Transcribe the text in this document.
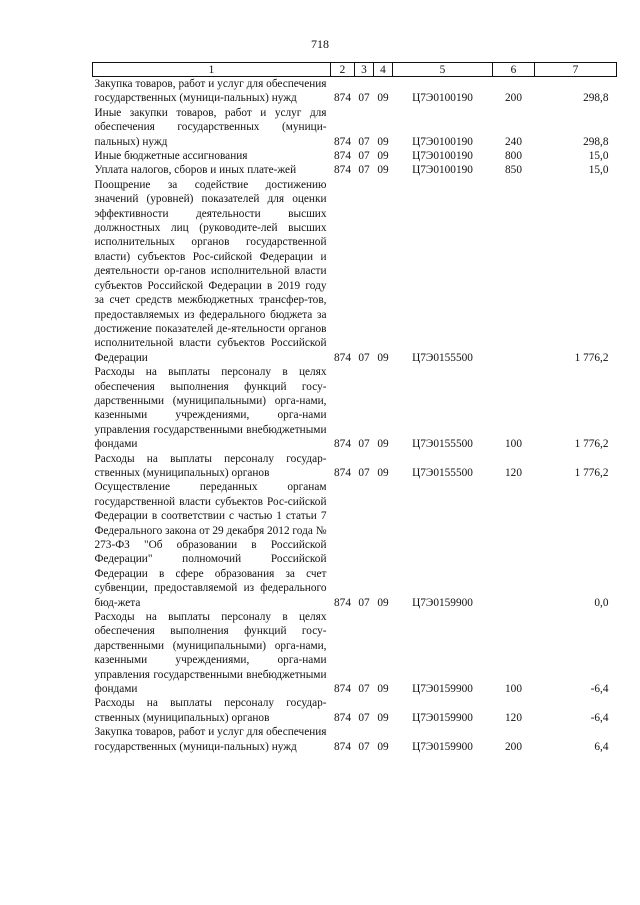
718
1	2	3	4	5	6	7
Закупка товаров, работ и услуг для обеспечения государственных (муници-пальных) нужд	874	07	09	Ц7Э0100190	200	298,8
Иные закупки товаров, работ и услуг для обеспечения государственных (муници-пальных) нужд	874	07	09	Ц7Э0100190	240	298,8
Иные бюджетные ассигнования	874	07	09	Ц7Э0100190	800	15,0
Уплата налогов, сборов и иных плате-жей	874	07	09	Ц7Э0100190	850	15,0
Поощрение за содействие достижению значений (уровней) показателей для оценки эффективности деятельности высших должностных лиц (руководите-лей высших исполнительных органов государственной власти) субъектов Рос-сийской Федерации и деятельности ор-ганов исполнительной власти субъектов Российской Федерации в 2019 году за счет средств межбюджетных трансфер-тов, предоставляемых из федерального бюджета за достижение показателей де-ятельности органов исполнительной власти субъектов Российской Федерации	874	07	09	Ц7Э0155500		1 776,2
Расходы на выплаты персоналу в целях обеспечения выполнения функций госу-дарственными (муниципальными) орга-нами, казенными учреждениями, орга-нами управления государственными внебюджетными фондами	874	07	09	Ц7Э0155500	100	1 776,2
Расходы на выплаты персоналу государ-ственных (муниципальных) органов	874	07	09	Ц7Э0155500	120	1 776,2
Осуществление переданных органам государственной власти субъектов Рос-сийской Федерации в соответствии с частью 1 статьи 7 Федерального закона от 29 декабря 2012 года № 273-ФЗ "Об образовании в Российской Федерации" полномочий Российской Федерации в сфере образования за счет субвенции, предоставляемой из федерального бюд-жета	874	07	09	Ц7Э0159900		0,0
Расходы на выплаты персоналу в целях обеспечения выполнения функций госу-дарственными (муниципальными) орга-нами, казенными учреждениями, орга-нами управления государственными внебюджетными фондами	874	07	09	Ц7Э0159900	100	-6,4
Расходы на выплаты персоналу государ-ственных (муниципальных) органов	874	07	09	Ц7Э0159900	120	-6,4
Закупка товаров, работ и услуг для обеспечения государственных (муници-пальных) нужд	874	07	09	Ц7Э0159900	200	6,4
